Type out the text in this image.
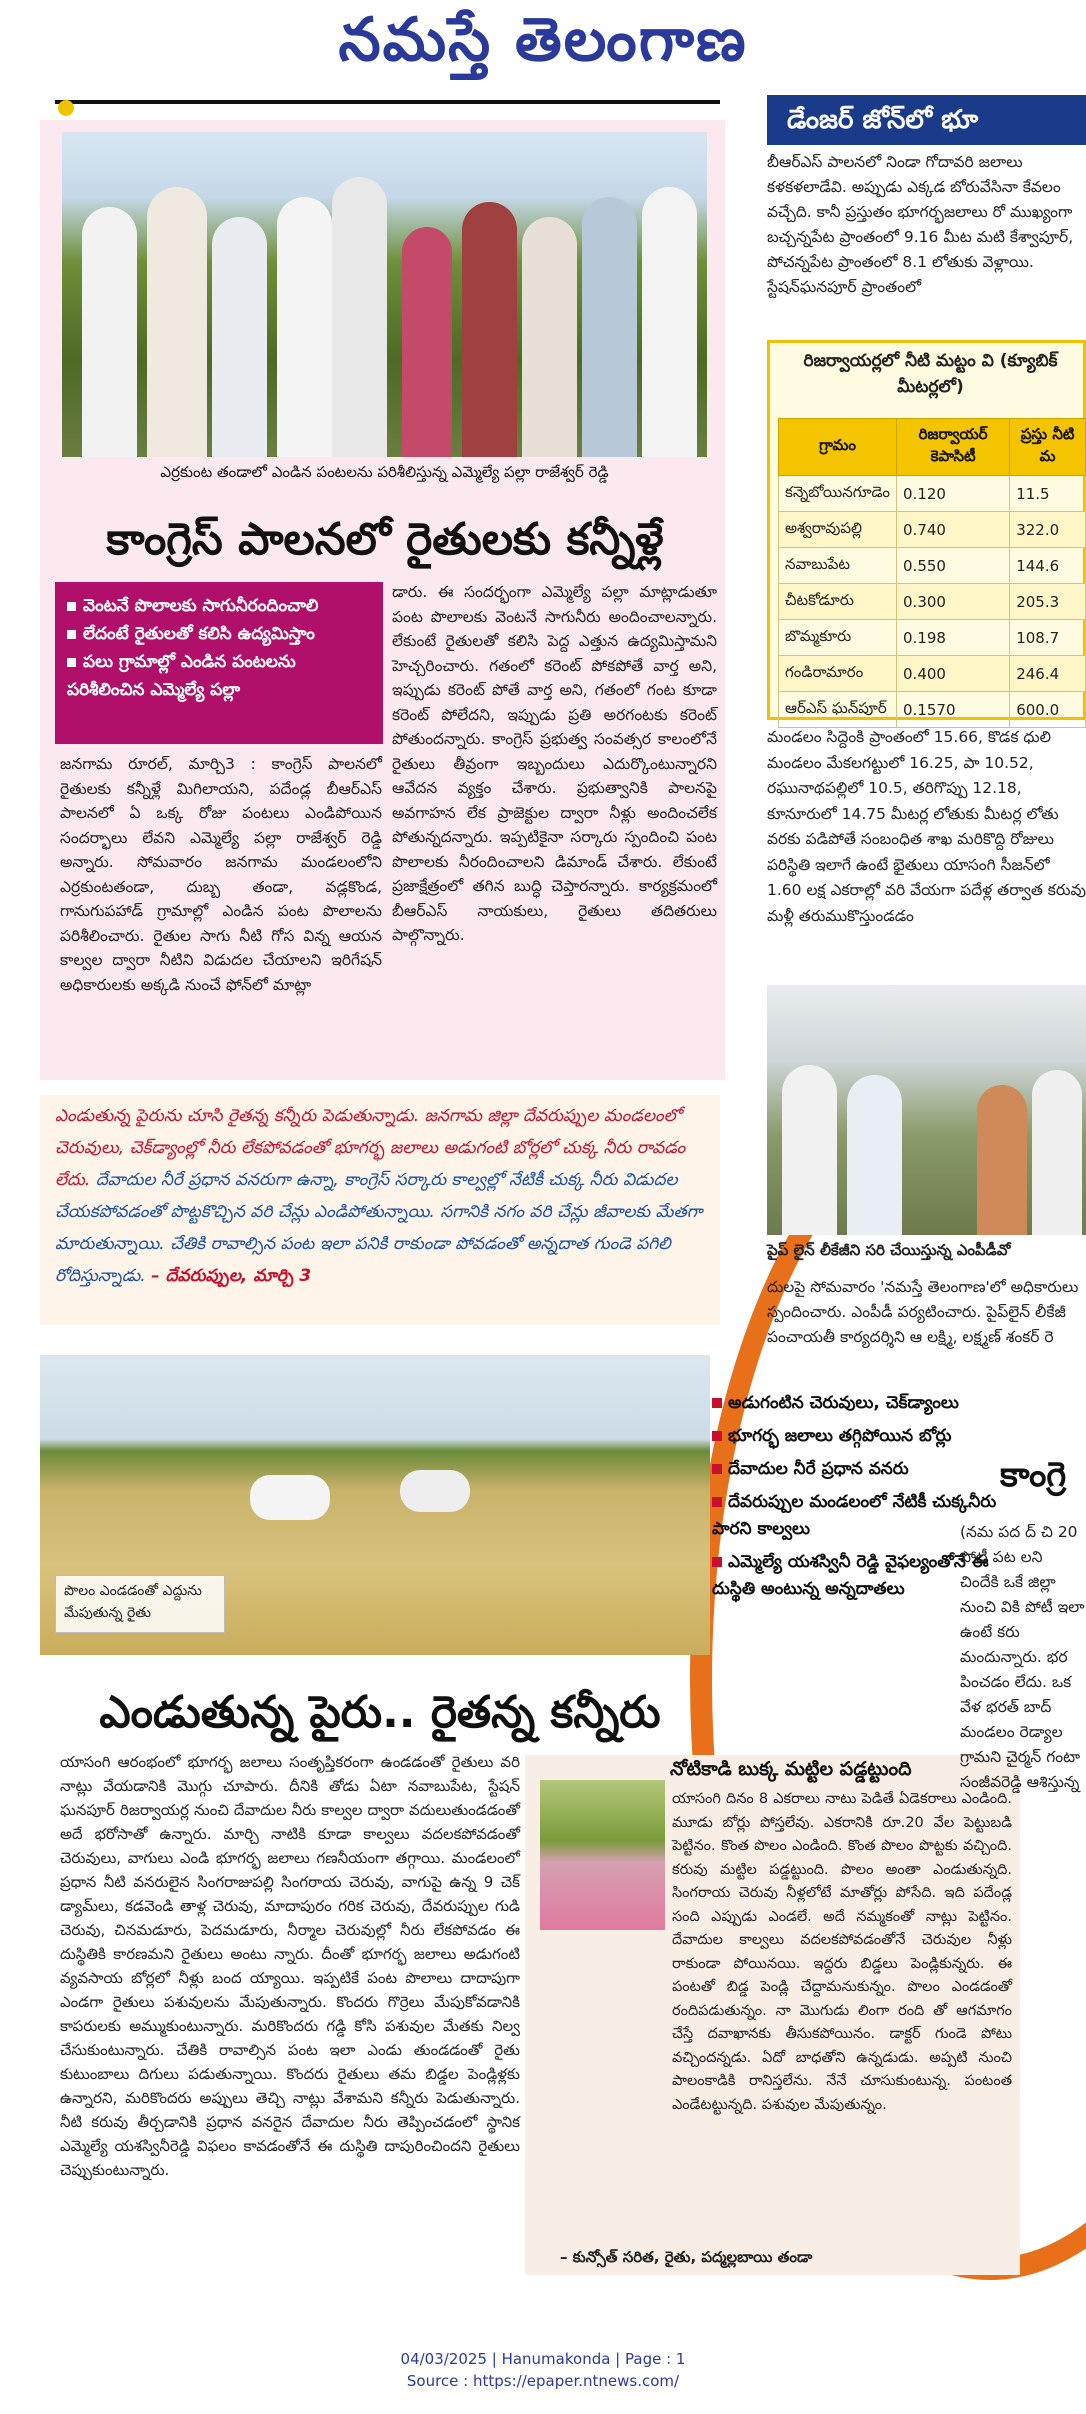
నమస్తే తెలంగాణ
ఎర్రకుంట తండాలో ఎండిన పంటలను పరిశీలిస్తున్న ఎమ్మెల్యే పల్లా రాజేశ్వర్ రెడ్డి
కాంగ్రెస్ పాలనలో రైతులకు కన్నీళ్లే
వెంటనే పొలాలకు సాగునీరందించాలి
లేదంటే రైతులతో కలిసి ఉద్యమిస్తాం
పలు గ్రామాల్లో ఎండిన పంటలను పరిశీలించిన ఎమ్మెల్యే పల్లా
జనగామ రూరల్, మార్చి3 : కాంగ్రెస్ పాలనలో రైతులకు కన్నీళ్లే మిగిలాయని, పదేండ్ల బీఆర్ఎస్ పాలనలో ఏ ఒక్క రోజు పంటలు ఎండిపోయిన సందర్భాలు లేవని ఎమ్మెల్యే పల్లా రాజేశ్వర్ రెడ్డి అన్నారు. సోమవారం జనగామ మండలంలోని ఎర్రకుంటతండా, దుబ్బ తండా, వడ్లకొండ, గానుగుపహాడ్ గ్రామాల్లో ఎండిన పంట పొలాలను పరిశీలించారు. రైతుల సాగు నీటి గోస విన్న ఆయన కాల్వల ద్వారా నీటిని విడుదల చేయాలని ఇరిగేషన్ అధికారులకు అక్కడి నుంచే ఫోన్‌లో మాట్లా
డారు. ఈ సందర్భంగా ఎమ్మెల్యే పల్లా మాట్లాడుతూ పంట పొలాలకు వెంటనే సాగునీరు అందించాలన్నారు. లేకుంటే రైతులతో కలిసి పెద్ద ఎత్తున ఉద్యమిస్తామని హెచ్చరించారు. గతంలో కరెంట్ పోకపోతే వార్త అని, ఇప్పుడు కరెంట్ పోతే వార్త అని, గతంలో గంట కూడా కరెంట్ పోలేదని, ఇప్పుడు ప్రతి అరగంటకు కరెంట్ పోతుందన్నారు. కాంగ్రెస్ ప్రభుత్వ సంవత్సర కాలంలోనే రైతులు తీవ్రంగా ఇబ్బందులు ఎదుర్కొంటున్నారని ఆవేదన వ్యక్తం చేశారు. ప్రభుత్వానికి పాలనపై అవగాహన లేక ప్రాజెక్టుల ద్వారా నీళ్లు అందించలేక పోతున్నదన్నారు. ఇప్పటికైనా సర్కారు స్పందించి పంట పొలాలకు నీరందించాలని డిమాండ్ చేశారు. లేకుంటే ప్రజాక్షేత్రంలో తగిన బుద్ధి చెప్తారన్నారు. కార్యక్రమంలో బీఆర్ఎస్ నాయకులు, రైతులు తదితరులు పాల్గొన్నారు.
ఎండుతున్న పైరును చూసి రైతన్న కన్నీరు పెడుతున్నాడు. జనగామ జిల్లా దేవరుప్పుల మండలంలో చెరువులు, చెక్‌డ్యాంల్లో నీరు లేకపోవడంతో భూగర్భ జలాలు అడుగంటి బోర్లలో చుక్క నీరు రావడం లేదు. దేవాదుల నీరే ప్రధాన వనరుగా ఉన్నా, కాంగ్రెస్ సర్కారు కాల్వల్లో నేటికీ చుక్క నీరు విడుదల చేయకపోవడంతో పొట్టకొచ్చిన వరి చేన్లు ఎండిపోతున్నాయి. సగానికి నగం వరి చేన్లు జీవాలకు మేతగా మారుతున్నాయి. చేతికి రావాల్సిన పంట ఇలా పనికి రాకుండా పోవడంతో అన్నదాత గుండె పగిలి రోదిస్తున్నాడు. – దేవరుప్పుల, మార్చి 3
పొలం ఎండడంతో ఎద్దును మేపుతున్న రైతు
అడుగంటిన చెరువులు, చెక్‌డ్యాంలు
భూగర్భ జలాలు తగ్గిపోయిన బోర్లు
దేవాదుల నీరే ప్రధాన వనరు
దేవరుప్పుల మండలంలో నేటికీ చుక్కనీరు పారని కాల్వలు
ఎమ్మెల్యే యశస్వినీ రెడ్డి వైఫల్యంతోనే ఈ దుస్థితి అంటున్న అన్నదాతలు
ఎండుతున్న పైరు.. రైతన్న కన్నీరు
యాసంగి ఆరంభంలో భూగర్భ జలాలు సంతృప్తికరంగా ఉండడంతో రైతులు వరి నాట్లు వేయడానికి మొగ్గు చూపారు. దీనికి తోడు ఏటా నవాబుపేట, స్టేషన్ ఘనపూర్ రిజర్వాయర్ల నుంచి దేవాదుల నీరు కాల్వల ద్వారా వదులుతుండడంతో అదే భరోసాతో ఉన్నారు. మార్చి నాటికి కూడా కాల్వలు వదలకపోవడంతో చెరువులు, వాగులు ఎండి భూగర్భ జలాలు గణనీయంగా తగ్గాయి. మండలంలో ప్రధాన నీటి వనరులైన సింగరాజుపల్లి సింగరాయ చెరువు, వాగుపై ఉన్న 9 చెక్ డ్యామ్‌లు, కడవెండి తాళ్ల చెరువు, మాదాపురం గరిక చెరువు, దేవరుప్పుల గుడి చెరువు, చినమడూరు, పెదమడూరు, నీర్మాల చెరువుల్లో నీరు లేకపోవడం ఈ దుస్థితికి కారణమని రైతులు అంటు న్నారు. దీంతో భూగర్భ జలాలు అడుగంటి వ్యవసాయ బోర్లలో నీళ్లు బంద య్యాయి. ఇప్పటికే పంట పొలాలు దాదాపుగా ఎండగా రైతులు పశువులను మేపుతున్నారు. కొందరు గొర్రెలు మేపుకోవడానికి కాపరులకు అమ్ముకుంటున్నారు. మరికొందరు గడ్డి కోసి పశువుల మేతకు నిల్వ చేసుకుంటున్నారు. చేతికి రావాల్సిన పంట ఇలా ఎండు తుండడంతో రైతు కుటుంబాలు దిగులు పడుతున్నాయి. కొందరు రైతులు తమ బిడ్డల పెండ్లిళ్లకు ఉన్నారని, మరికొందరు అప్పులు తెచ్చి నాట్లు వేశామని కన్నీరు పెడుతున్నారు. నీటి కరువు తీర్చడానికి ప్రధాన వనరైన దేవాదుల నీరు తెప్పించడంలో స్థానిక ఎమ్మెల్యే యశస్వినీరెడ్డి విఫలం కావడంతోనే ఈ దుస్థితి దాపురించిందని రైతులు చెప్పుకుంటున్నారు.
నోటికాడి బుక్క మట్టిల పడ్డట్టుంది
యాసంగి దినం 8 ఎకరాలు నాటు పెడితే ఏడెకరాలు ఎండింది. మూడు బోర్లు పోస్తలేవు. ఎకరానికి రూ.20 వేల పెట్టుబడి పెట్టినం. కొంత పొలం ఎండింది. కొంత పొలం పొట్టకు వచ్చింది. కరువు మట్టిల పడ్డట్టుంది. పొలం అంతా ఎండుతున్నది. సింగరాయ చెరువు నీళ్లలోటే మాతోర్లు పోసేది. ఇది పదేండ్ల సంది ఎప్పుడు ఎండలే. అదే నమ్మకంతో నాట్లు పెట్టినం. దేవాదుల కాల్వలు వదలకపోవడంతోనే చెరువుల నీళ్లు రాకుండా పోయినయి. ఇద్దరు బిడ్డలు పెండ్లికున్నరు. ఈ పంటతో బిడ్డ పెండ్లి చేద్దామనుకున్నం. పొలం ఎండడంతో రందిపడుతున్నం. నా మొగుడు లింగా రంది తో ఆగమాగం చేస్తే దవాఖానకు తీసుకపోయినం. డాక్టర్ గుండె పోటు వచ్చిందన్నడు. ఏదో బాధతోని ఉన్నడుడు. అప్పటి నుంచి పాలంకాడికి రానిస్తలేను. నేనే చూసుకుంటున్న. పంటంత ఎండేటట్టున్నది. పశువుల మేపుతున్నం.
– కున్సోత్ సరిత, రైతు, పద్మల్ల‌బాయి తండా
డేంజర్ జోన్‌లో భూ
బీఆర్ఎస్ పాలనలో నిండా గోదావరి జలాలు కళకళలాడేవి. అప్పుడు ఎక్కడ బోరువేసినా కేవలం వచ్చేది. కానీ ప్రస్తుతం భూగర్భజలాలు రో ముఖ్యంగా బచ్చన్నపేట ప్రాంతంలో 9.16 మీట మటి కేశ్వాపూర్, పోచన్నపేట ప్రాంతంలో 8.1 లోతుకు వెళ్లాయి. స్టేషన్‌ఘనపూర్ ప్రాంతంలో
రిజర్వాయర్లలో నీటి మట్టం వి (క్యూబిక్ మీటర్లలో)
గ్రామం	రిజర్వాయర్ కెపాసిటీ	ప్రస్తు నీటి మ
కన్నెబోయినగూడెం	0.120	11.5
అశ్వరావుపల్లి	0.740	322.0
నవాబుపేట	0.550	144.6
చీటకోడూరు	0.300	205.3
బొమ్మకూరు	0.198	108.7
గండిరామారం	0.400	246.4
ఆర్ఎస్ ఘన్‌పూర్	0.1570	600.0
మండలం సిద్దెంకి ప్రాంతంలో 15.66, కొడక ధులి మండలం మేకలగట్టులో 16.25, పా 10.52, రఘునాథపల్లిలో 10.5, తరిగొప్పు 12.18, కూనూరులో 14.75 మీటర్ల లోతుకు మీటర్ల లోతు వరకు పడిపోతే సంబంధిత శాఖ మరికొద్ది రోజులు పరిస్థితి ఇలాగే ఉంటే భైతులు యాసంగి సీజన్‌లో 1.60 లక్ష ఎకరాల్లో వరి వేయగా పదేళ్ల తర్వాత కరువు మళ్లీ తరుముకొస్తుండడం
పైప్ లైన్ లీకేజీని సరి చేయిస్తున్న ఎంపీడీవో
దులపై సోమవారం 'నమస్తే తెలంగాణ'లో అధికారులు స్పందించారు. ఎంపీడీ పర్యటించారు. పైప్‌లైన్ లీకేజీ పంచాయతీ కార్యదర్శిని ఆ లక్ష్మి, లక్ష్మణ్ శంకర్ రె
కాంగ్రె
(నమ పద ద్ చి 20 పోటీ పట లని చిందేకి ఒకే జిల్లా నుంచి వికి పోటీ ఇలా ఉంటే కరు మందున్నారు. భర పించడం లేదు. ఒక వేళ భరత్ బాద్ మండలం రెడ్యాల గ్రామని చైర్మన్ గంటా సంజీవరెడ్డి ఆశిస్తున్న
04/03/2025 | Hanumakonda | Page : 1
Source : https://epaper.ntnews.com/
